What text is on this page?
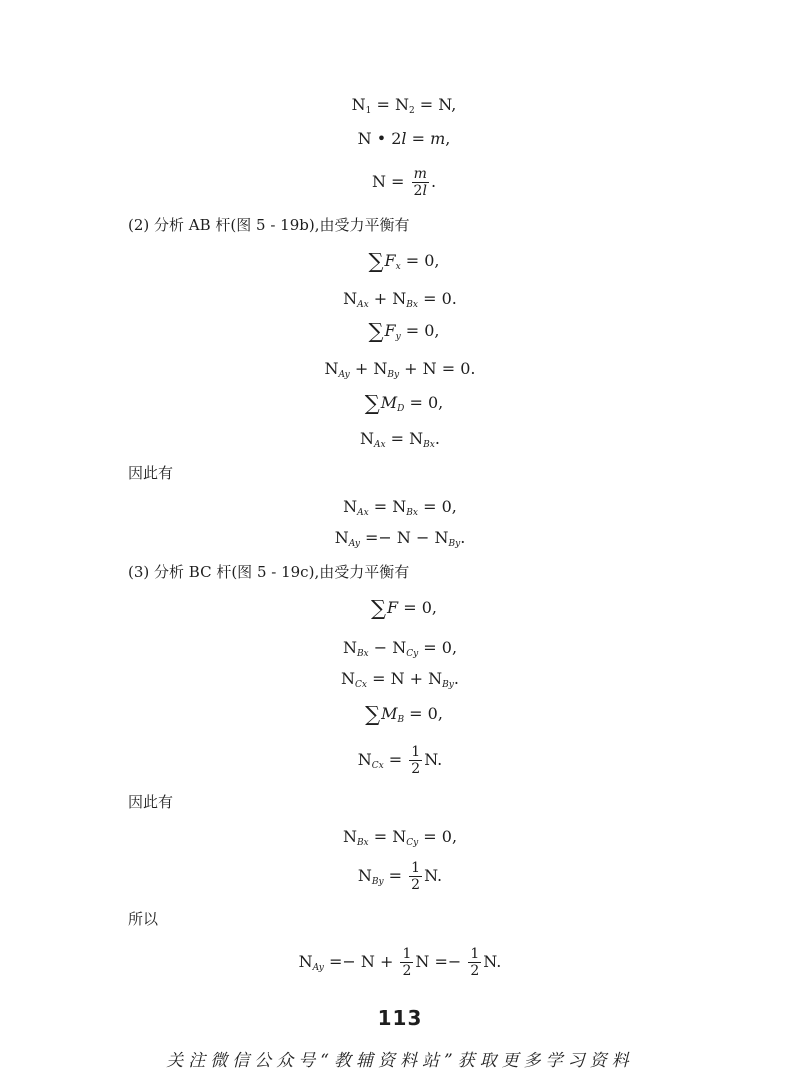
$N_1 = N_2 = N$,
N • 2l = m,
$N = \frac{m}{2l}$ .
(2) 分析 AB 杆(图 5 - 19b),由受力平衡有
$\sum F_x = 0$,
$N_{Ax} + N_{Bx} = 0$.
$\sum F_y = 0$,
$N_{Ay} + N_{By} + N = 0$.
$\sum M_D = 0$,
$N_{Ax} = N_{Bx}$.
因此有
$N_{Ax} = N_{Bx} = 0$,
$N_{Ay} =- N - N_{By}$.
(3) 分析 BC 杆(图 5 - 19c),由受力平衡有
∑F = 0,
$N_{Bx} - N_{Cy} = 0$,
$N_{Cx} = N + N_{By}$.
$\sum M_B = 0$,
$N_{Cx} = \frac{1}{2} N$.
因此有
$N_{Bx} = N_{Cy} = 0$,
$N_{By} = \frac{1}{2} N$.
所以
$N_{Ay} =- N + \frac{1}{2}$ $N =- \frac{1}{2} N$.
113
关注微信公众号“教辅资料站”获取更多学习资料
